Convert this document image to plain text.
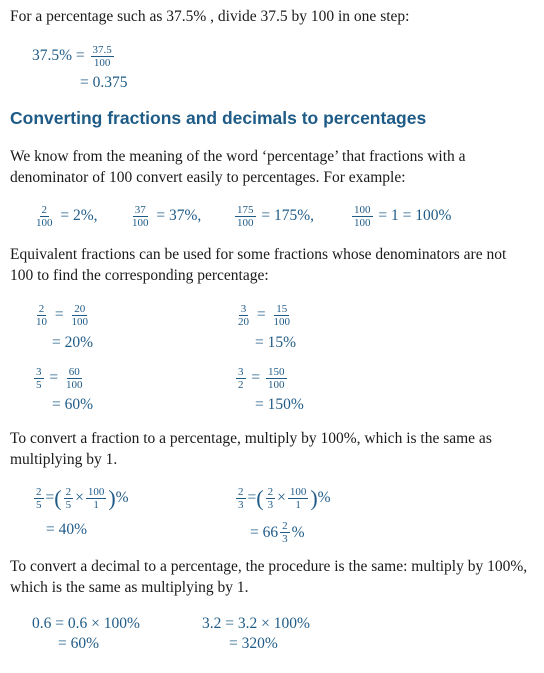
For a percentage such as 37.5% , divide 37.5 by 100 in one step:
$37.5\% = \frac{37.5}{100}$
= 0.375
Converting fractions and decimals to percentages
We know from the meaning of the word ‘percentage’ that fractions with a denominator of 100 convert easily to percentages. For example:
$\frac{2}{100} = 2\%$,	$\frac{37}{100} = 37\%$,	$\frac{175}{100} = 175\%$,	$\frac{100}{100} = 1 = 100\%$
Equivalent fractions can be used for some fractions whose denominators are not 100 to find the corresponding percentage:
$\frac{2}{10} = \frac{20}{100}$
= 20%
$\frac{3}{20} = \frac{15}{100}$
= 15%
$\frac{3}{5} = \frac{60}{100}$
= 60%
$\frac{3}{2} = \frac{150}{100}$
= 150%
To convert a fraction to a percentage, multiply by 100%, which is the same as multiplying by 1.
$\frac{2}{5}$ =( $\frac{2}{5} \times \frac{100}{1}$ )%
= 40%
$\frac{2}{3}$ =( $\frac{2}{3} \times \frac{100}{1}$ )%
= $66 \frac{2}{3}$ %
To convert a decimal to a percentage, the procedure is the same: multiply by 100%, which is the same as multiplying by 1.
0.6 = 0.6 × 100%
= 60%
3.2 = 3.2 × 100%
= 320%
